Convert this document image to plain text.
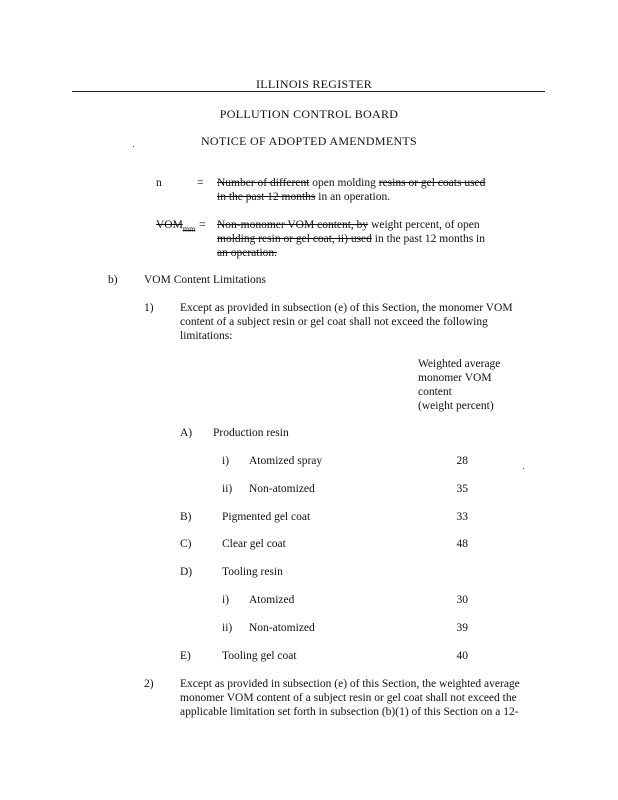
ILLINOIS REGISTER
POLLUTION CONTROL BOARD
NOTICE OF ADOPTED AMENDMENTS
n	= Number of different open molding resins or gel coats used
in the past 12 months in an operation.
$VOM_{mm}$ = Non-monomer VOM content, by weight percent, of open
molding resin or gel coat, ii) used in the past 12 months in
an operation.
b) VOM Content Limitations
1) Except as provided in subsection (e) of this Section, the monomer VOM
content of a subject resin or gel coat shall not exceed the following
limitations:
Weighted average
monomer VOM
content
(weight percent)
A) Production resin
i) Atomized spray	28
ii) Non-atomized	35
B)	Pigmented gel coat	33
C)	Clear gel coat	48
D)	Tooling resin
i) Atomized	30
ii) Non-atomized	39
E)	Tooling gel coat	40
2) Except as provided in subsection (e) of this Section, the weighted average
monomer VOM content of a subject resin or gel coat shall not exceed the
applicable limitation set forth in subsection (b)(1) of this Section on a 12-
